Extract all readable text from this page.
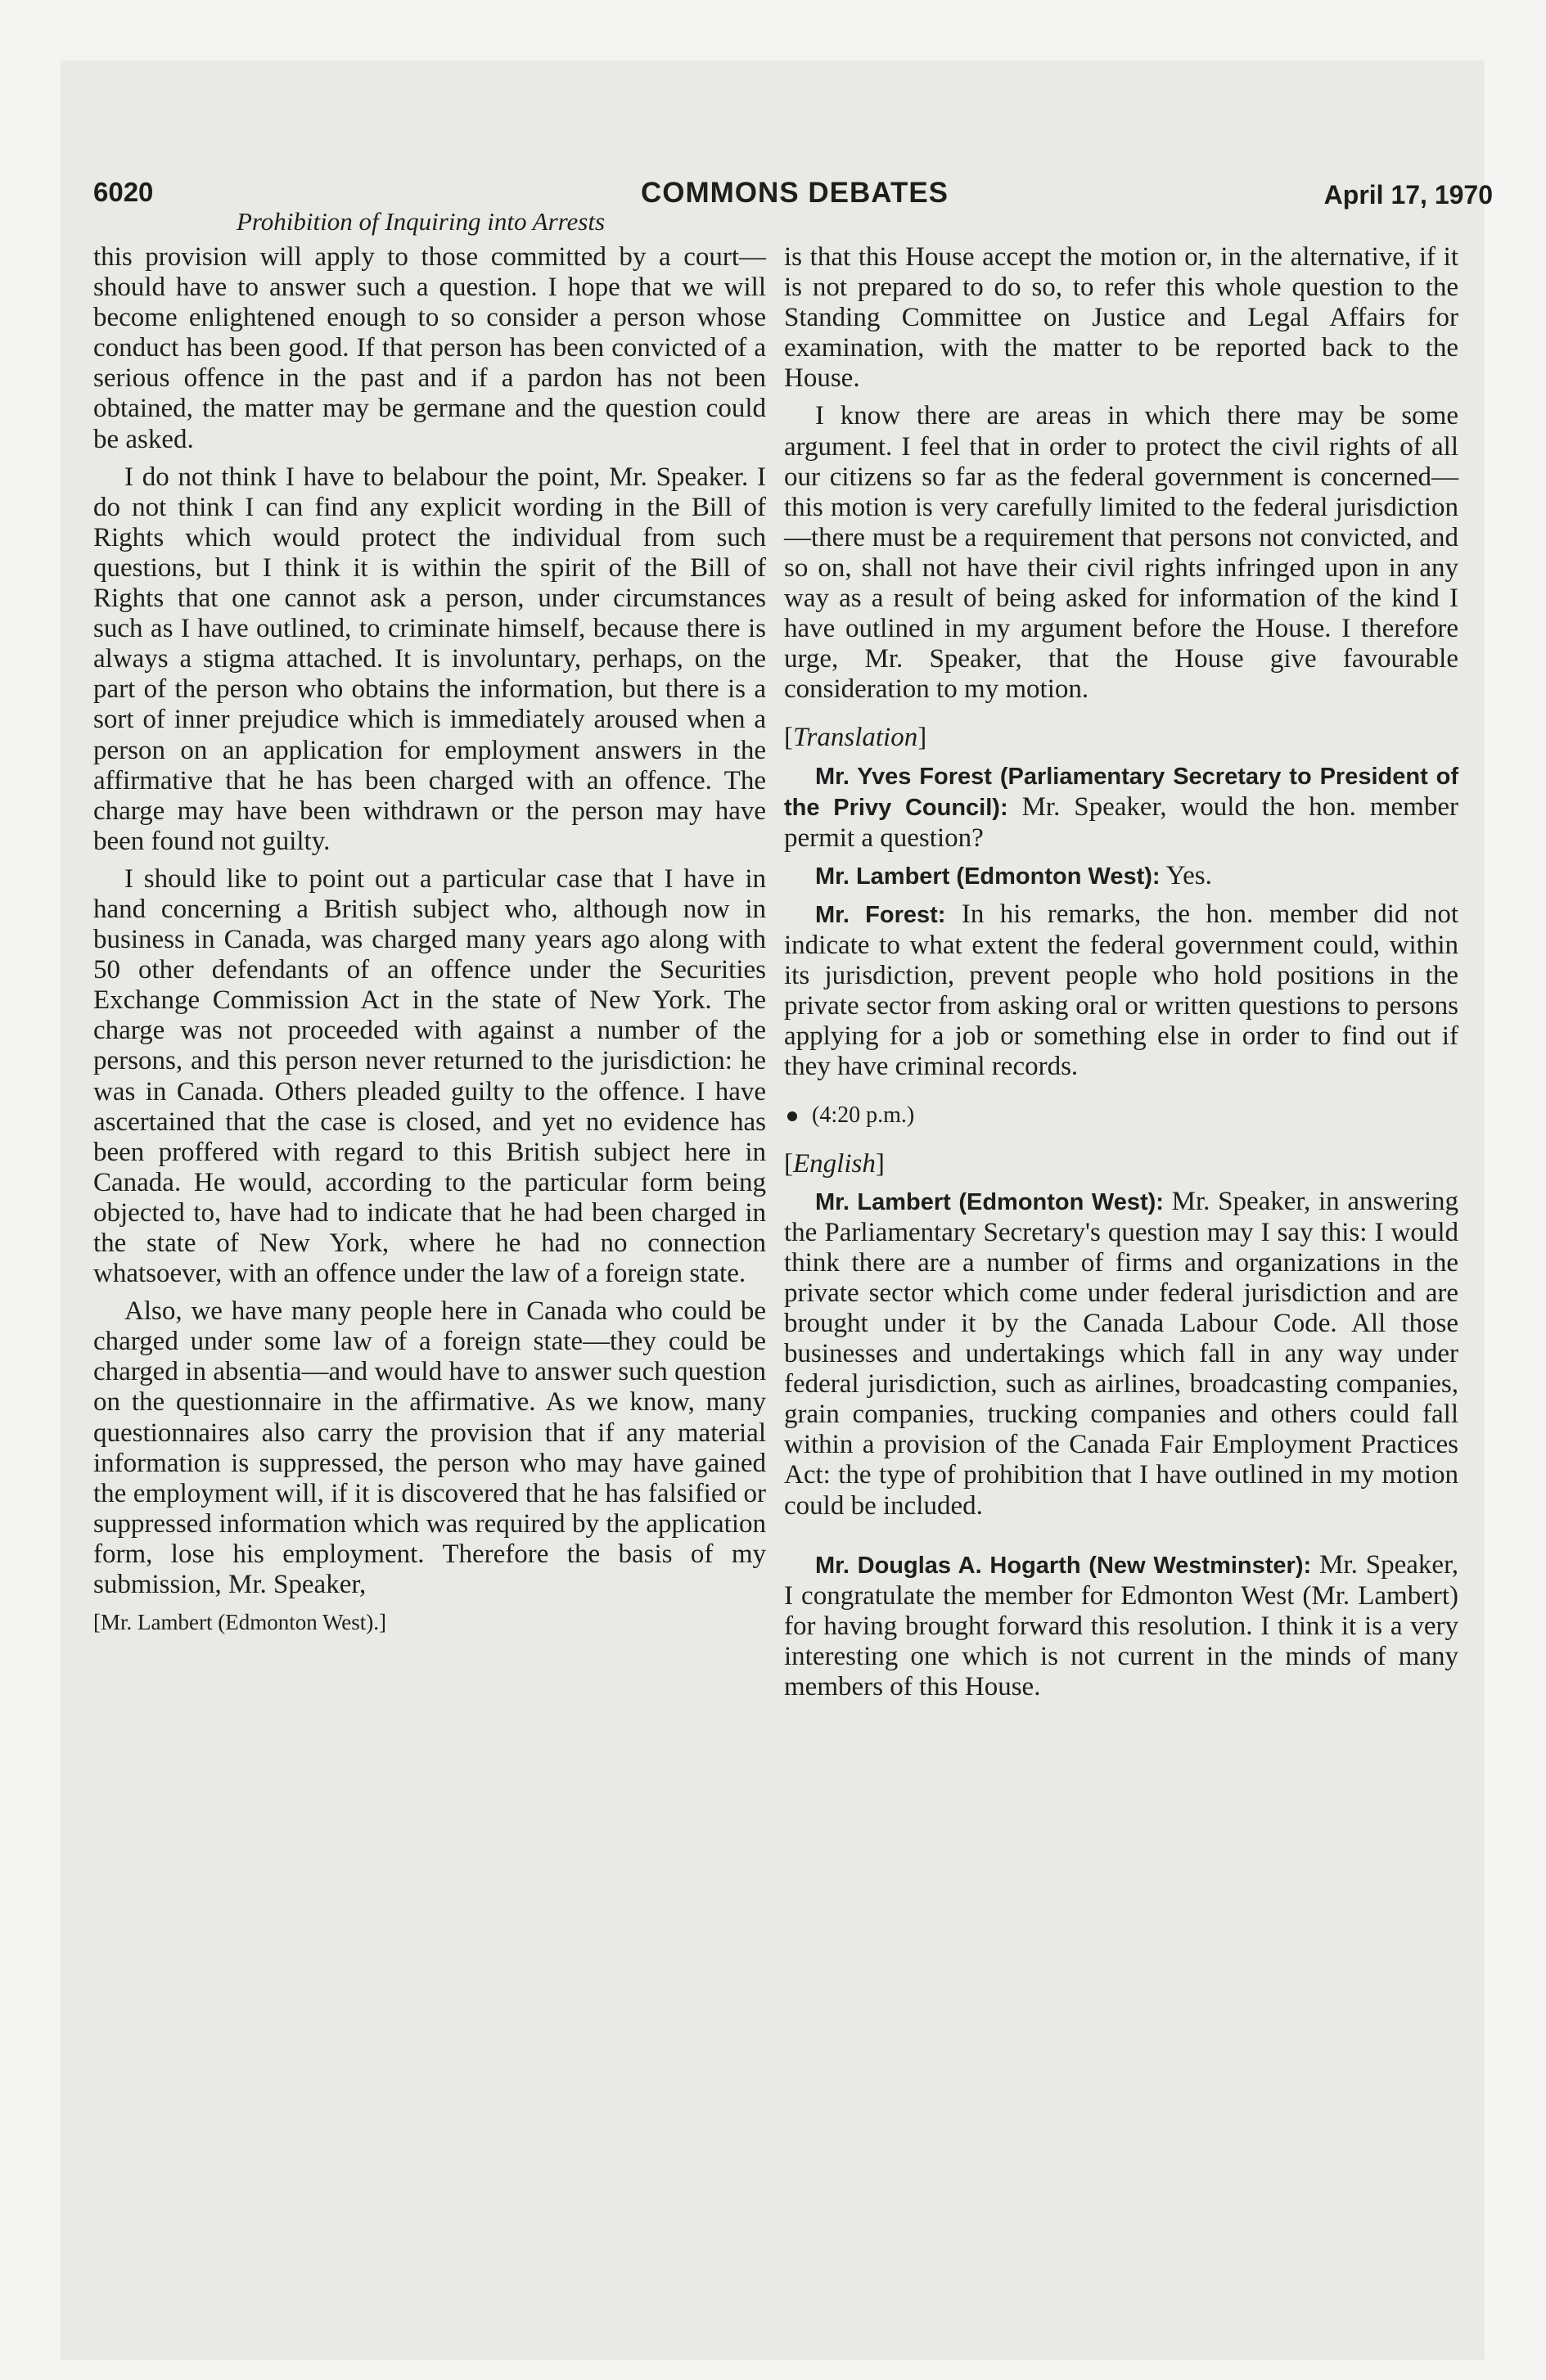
6020	COMMONS DEBATES	April 17, 1970
Prohibition of Inquiring into Arrests

this provision will apply to those committed by a court—should have to answer such a question. I hope that we will become enlightened enough to so consider a person whose conduct has been good. If that person has been convicted of a serious offence in the past and if a pardon has not been obtained, the matter may be germane and the question could be asked.

I do not think I have to belabour the point, Mr. Speaker. I do not think I can find any explicit wording in the Bill of Rights which would protect the individual from such questions, but I think it is within the spirit of the Bill of Rights that one cannot ask a person, under circumstances such as I have outlined, to criminate himself, because there is always a stigma attached. It is involuntary, perhaps, on the part of the person who obtains the information, but there is a sort of inner prejudice which is immediately aroused when a person on an application for employment answers in the affirmative that he has been charged with an offence. The charge may have been withdrawn or the person may have been found not guilty.

I should like to point out a particular case that I have in hand concerning a British subject who, although now in business in Canada, was charged many years ago along with 50 other defendants of an offence under the Securities Exchange Commission Act in the state of New York. The charge was not proceeded with against a number of the persons, and this person never returned to the jurisdiction: he was in Canada. Others pleaded guilty to the offence. I have ascertained that the case is closed, and yet no evidence has been proffered with regard to this British subject here in Canada. He would, according to the particular form being objected to, have had to indicate that he had been charged in the state of New York, where he had no connection whatsoever, with an offence under the law of a foreign state.

Also, we have many people here in Canada who could be charged under some law of a foreign state—they could be charged in absentia—and would have to answer such question on the questionnaire in the affirmative. As we know, many questionnaires also carry the provision that if any material information is suppressed, the person who may have gained the employment will, if it is discovered that he has falsified or suppressed information which was required by the application form, lose his employment. Therefore the basis of my submission, Mr. Speaker,

[Mr. Lambert (Edmonton West).]

is that this House accept the motion or, in the alternative, if it is not prepared to do so, to refer this whole question to the Standing Committee on Justice and Legal Affairs for examination, with the matter to be reported back to the House.

I know there are areas in which there may be some argument. I feel that in order to protect the civil rights of all our citizens so far as the federal government is concerned—this motion is very carefully limited to the federal jurisdiction—there must be a requirement that persons not convicted, and so on, shall not have their civil rights infringed upon in any way as a result of being asked for information of the kind I have outlined in my argument before the House. I therefore urge, Mr. Speaker, that the House give favourable consideration to my motion.

[Translation]

Mr. Yves Forest (Parliamentary Secretary to President of the Privy Council): Mr. Speaker, would the hon. member permit a question?

Mr. Lambert (Edmonton West): Yes.

Mr. Forest: In his remarks, the hon. member did not indicate to what extent the federal government could, within its jurisdiction, prevent people who hold positions in the private sector from asking oral or written questions to persons applying for a job or something else in order to find out if they have criminal records.

(4:20 p.m.)

[English]

Mr. Lambert (Edmonton West): Mr. Speaker, in answering the Parliamentary Secretary's question may I say this: I would think there are a number of firms and organizations in the private sector which come under federal jurisdiction and are brought under it by the Canada Labour Code. All those businesses and undertakings which fall in any way under federal jurisdiction, such as airlines, broadcasting companies, grain companies, trucking companies and others could fall within a provision of the Canada Fair Employment Practices Act: the type of prohibition that I have outlined in my motion could be included.

Mr. Douglas A. Hogarth (New Westminster): Mr. Speaker, I congratulate the member for Edmonton West (Mr. Lambert) for having brought forward this resolution. I think it is a very interesting one which is not current in the minds of many members of this House.
